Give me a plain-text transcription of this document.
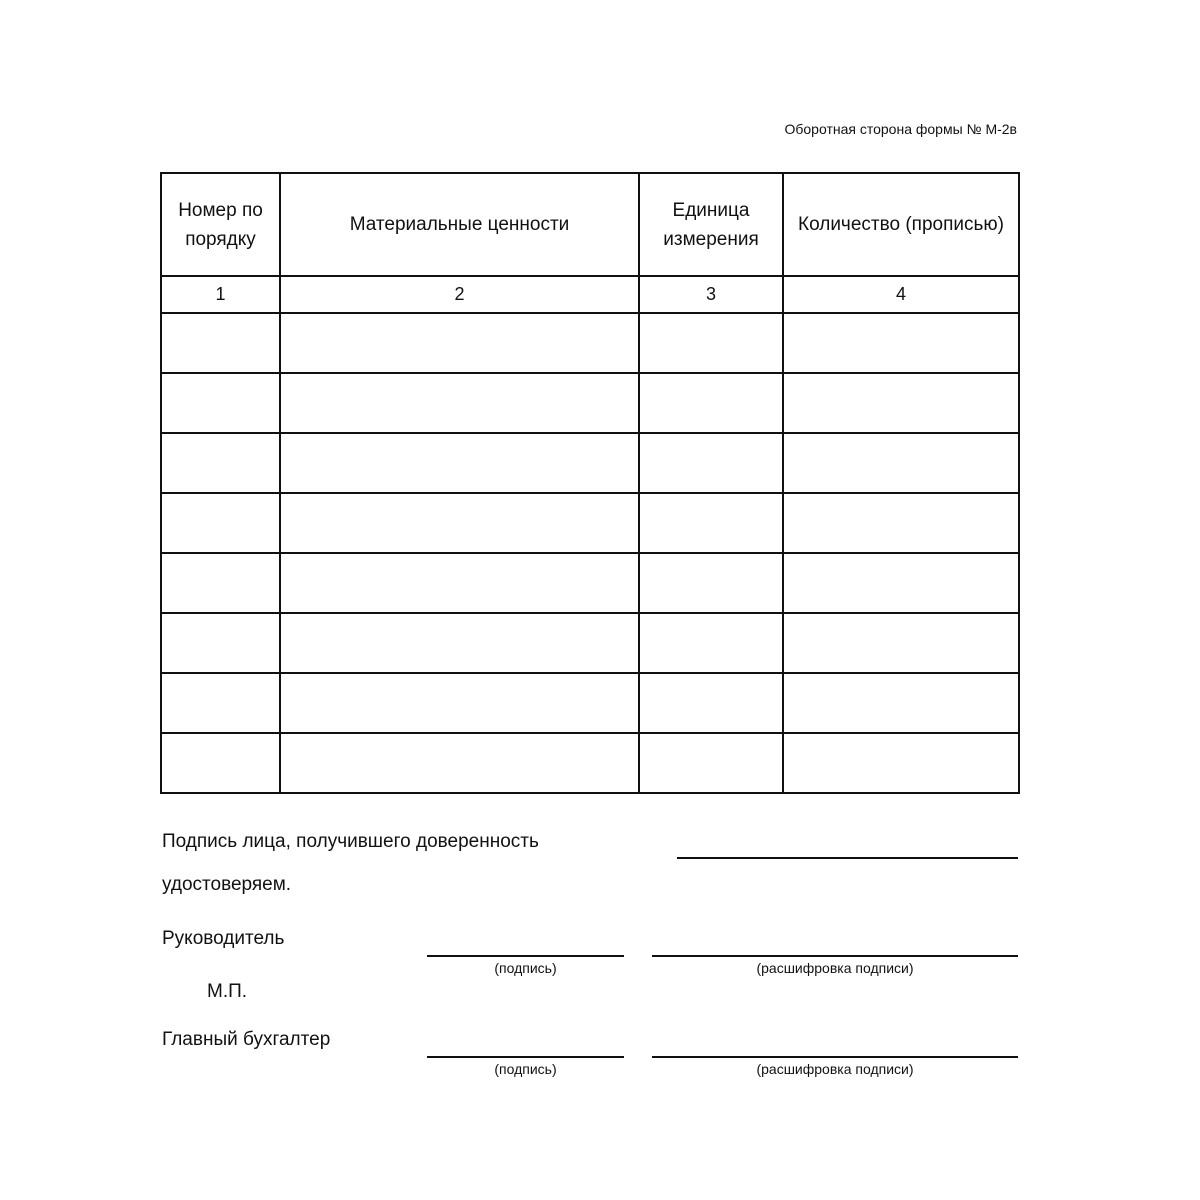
Оборотная сторона формы № М-2в
Номер по порядку	Материальные ценности	Единица измерения	Количество (прописью)
1	2	3	4

Подпись лица, получившего доверенность
удостоверяем.
Руководитель
(подпись)	(расшифровка подписи)
М.П.
Главный бухгалтер
(подпись)	(расшифровка подписи)
